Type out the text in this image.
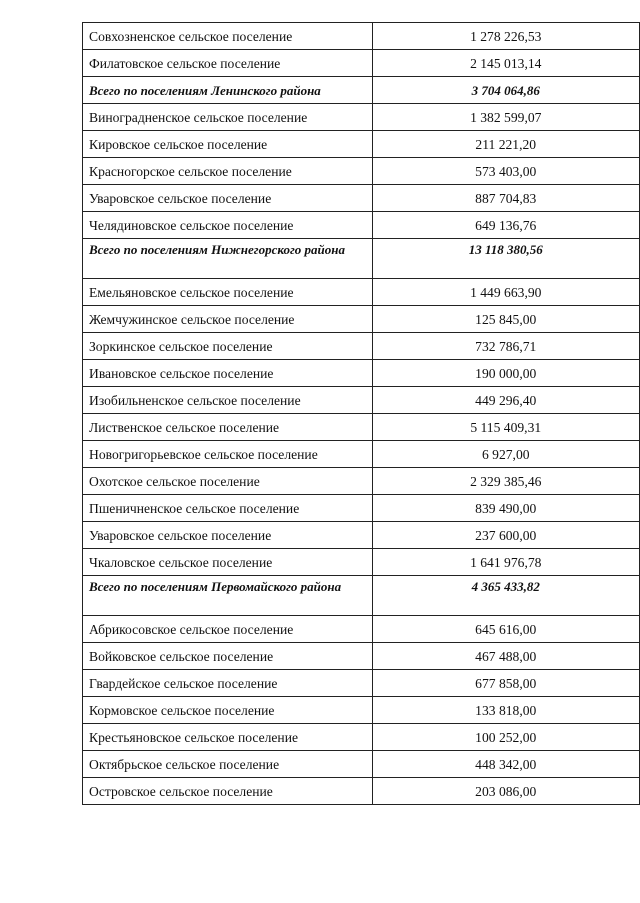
Совхозненское сельское поселение	1 278 226,53
Филатовское сельское поселение	2 145 013,14
Всего по поселениям Ленинского района	3 704 064,86
Виноградненское сельское поселение	1 382 599,07
Кировское сельское поселение	211 221,20
Красногорское сельское поселение	573 403,00
Уваровское сельское поселение	887 704,83
Челядиновское сельское поселение	649 136,76
Всего по поселениям Нижнегорского района	13 118 380,56
Емельяновское сельское поселение	1 449 663,90
Жемчужинское сельское поселение	125 845,00
Зоркинское сельское поселение	732 786,71
Ивановское сельское поселение	190 000,00
Изобильненское сельское поселение	449 296,40
Лиственское сельское поселение	5 115 409,31
Новогригорьевское сельское поселение	6 927,00
Охотское сельское поселение	2 329 385,46
Пшеничненское сельское поселение	839 490,00
Уваровское сельское поселение	237 600,00
Чкаловское сельское поселение	1 641 976,78
Всего по поселениям Первомайского района	4 365 433,82
Абрикосовское сельское поселение	645 616,00
Войковское сельское поселение	467 488,00
Гвардейское сельское поселение	677 858,00
Кормовское сельское поселение	133 818,00
Крестьяновское сельское поселение	100 252,00
Октябрьское сельское поселение	448 342,00
Островское сельское поселение	203 086,00
